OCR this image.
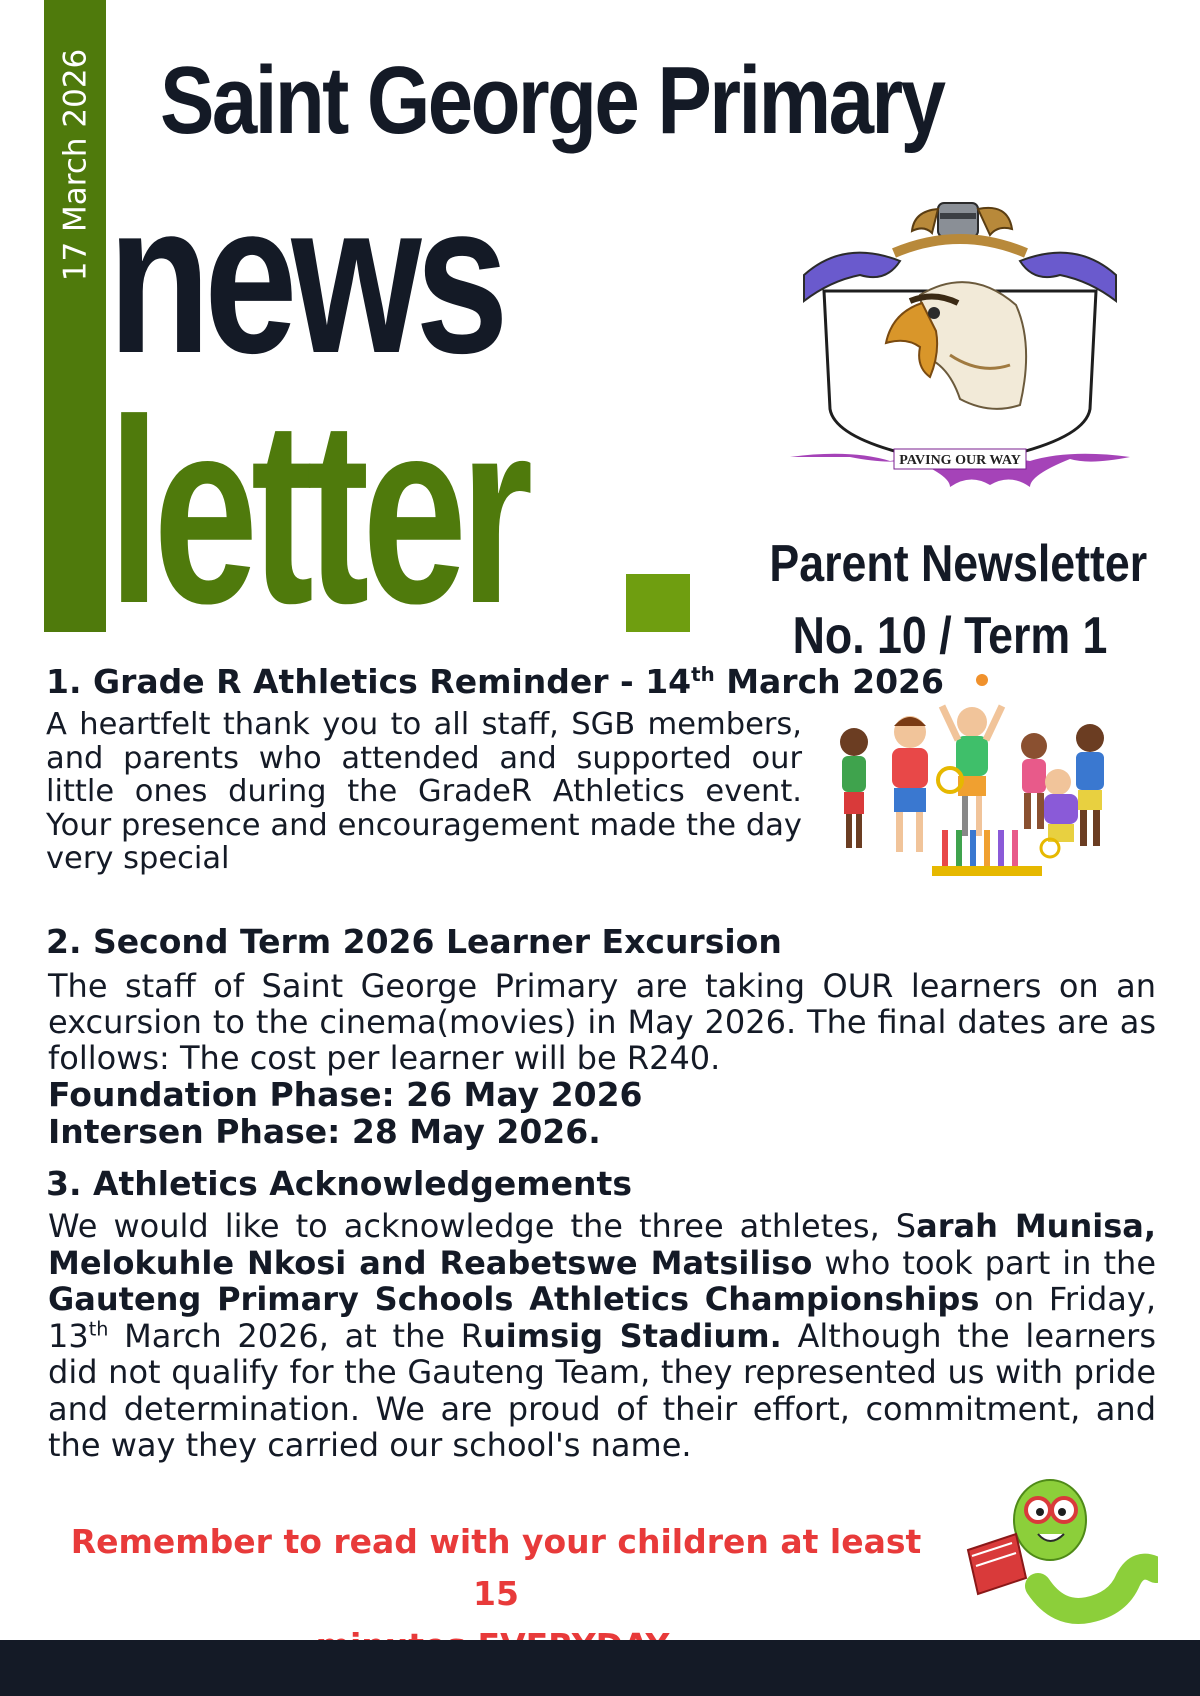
17 March 2026 Saint George Primary
news
letter	PAVING OUR WAY
Parent Newsletter
No. 10 / Term 1
1. Grade R Athletics Reminder - 14th March 2026
A heartfelt thank you to all staff, SGB members, and parents who attended and supported our little ones during the GradeR Athletics event. Your presence and encouragement made the day very special
2. Second Term 2026 Learner Excursion
The staff of Saint George Primary are taking OUR learners on an excursion to the cinema(movies) in May 2026. The final dates are as follows: The cost per learner will be R240.
Foundation Phase: 26 May 2026
Intersen Phase: 28 May 2026.
3. Athletics Acknowledgements
We would like to acknowledge the three athletes, Sarah Munisa, Melokuhle Nkosi and Reabetswe Matsiliso who took part in the Gauteng Primary Schools Athletics Championships on Friday, 13th March 2026, at the Ruimsig Stadium. Although the learners did not qualify for the Gauteng Team, they represented us with pride and determination. We are proud of their effort, commitment, and the way they carried our school's name.
Remember to read with your children at least 15
